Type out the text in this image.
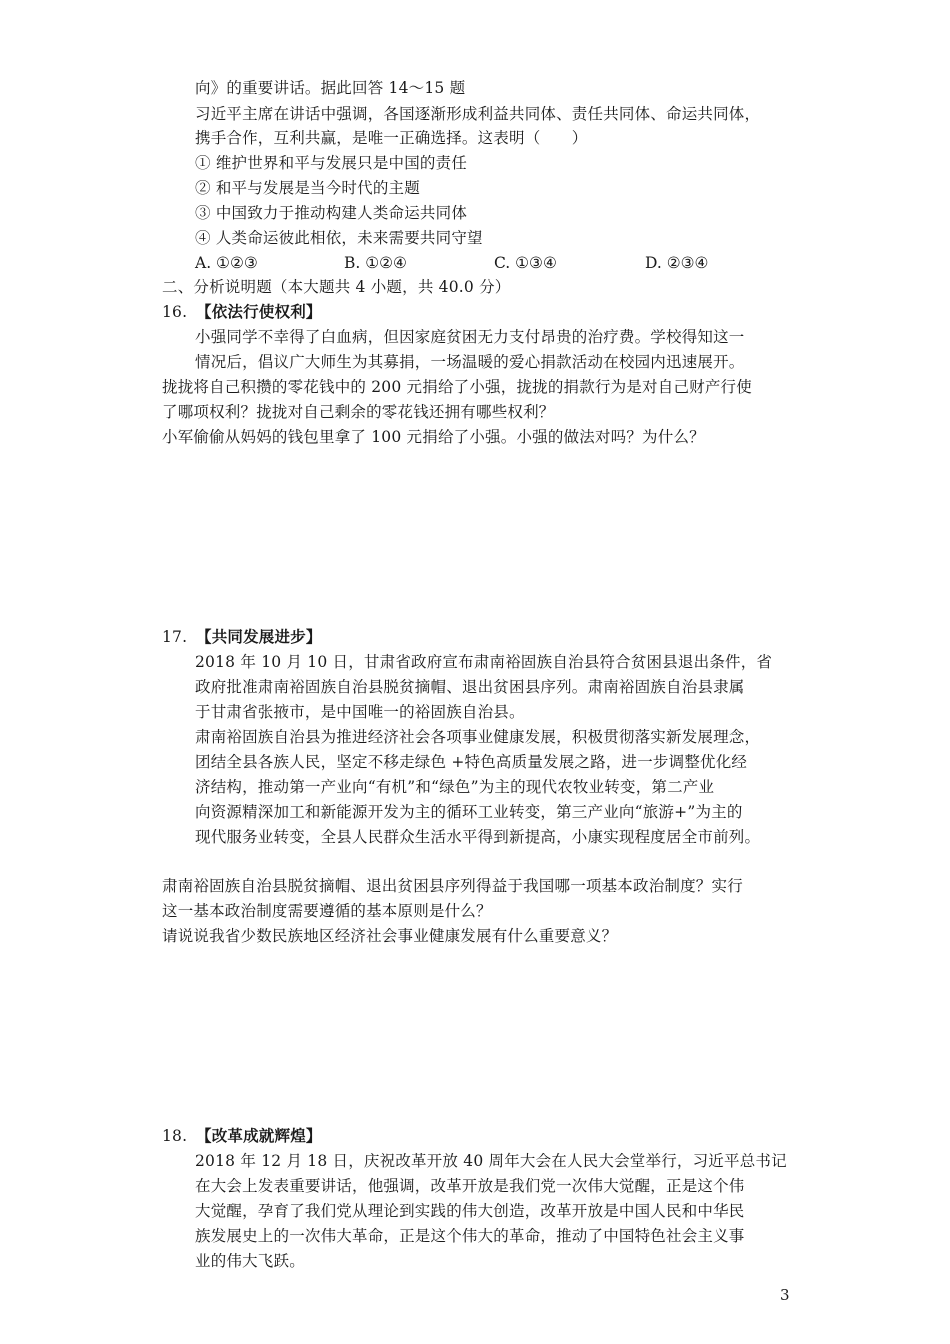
向》的重要讲话。据此回答 14～15 题
习近平主席在讲话中强调，各国逐渐形成利益共同体、责任共同体、命运共同体，
携手合作，互利共赢，是唯一正确选择。这表明（　　）
① 维护世界和平与发展只是中国的责任
② 和平与发展是当今时代的主题
③ 中国致力于推动构建人类命运共同体
④ 人类命运彼此相依，未来需要共同守望
A. ①②③	B. ①②④	C. ①③④	D. ②③④
二、分析说明题（本大题共 4 小题，共 40.0 分）
16. 【依法行使权利】
小强同学不幸得了白血病，但因家庭贫困无力支付昂贵的治疗费。学校得知这一
情况后，倡议广大师生为其募捐，一场温暖的爱心捐款活动在校园内迅速展开。
拢拢将自己积攒的零花钱中的 200 元捐给了小强，拢拢的捐款行为是对自己财产行使
了哪项权利？拢拢对自己剩余的零花钱还拥有哪些权利？
小军偷偷从妈妈的钱包里拿了 100 元捐给了小强。小强的做法对吗？为什么？
17. 【共同发展进步】
2018 年 10 月 10 日，甘肃省政府宣布肃南裕固族自治县符合贫困县退出条件，省
政府批准肃南裕固族自治县脱贫摘帽、退出贫困县序列。肃南裕固族自治县隶属
于甘肃省张掖市，是中国唯一的裕固族自治县。
肃南裕固族自治县为推进经济社会各项事业健康发展，积极贯彻落实新发展理念，
团结全县各族人民，坚定不移走绿色 +特色高质量发展之路，进一步调整优化经
济结构，推动第一产业向“有机”和“绿色”为主的现代农牧业转变，第二产业
向资源精深加工和新能源开发为主的循环工业转变，第三产业向“旅游+”为主的
现代服务业转变，全县人民群众生活水平得到新提高，小康实现程度居全市前列。
肃南裕固族自治县脱贫摘帽、退出贫困县序列得益于我国哪一项基本政治制度？实行
这一基本政治制度需要遵循的基本原则是什么？
请说说我省少数民族地区经济社会事业健康发展有什么重要意义？
18. 【改革成就辉煌】
2018 年 12 月 18 日，庆祝改革开放 40 周年大会在人民大会堂举行，习近平总书记
在大会上发表重要讲话，他强调，改革开放是我们党一次伟大觉醒，正是这个伟
大觉醒，孕育了我们党从理论到实践的伟大创造，改革开放是中国人民和中华民
族发展史上的一次伟大革命，正是这个伟大的革命，推动了中国特色社会主义事
业的伟大飞跃。
3
